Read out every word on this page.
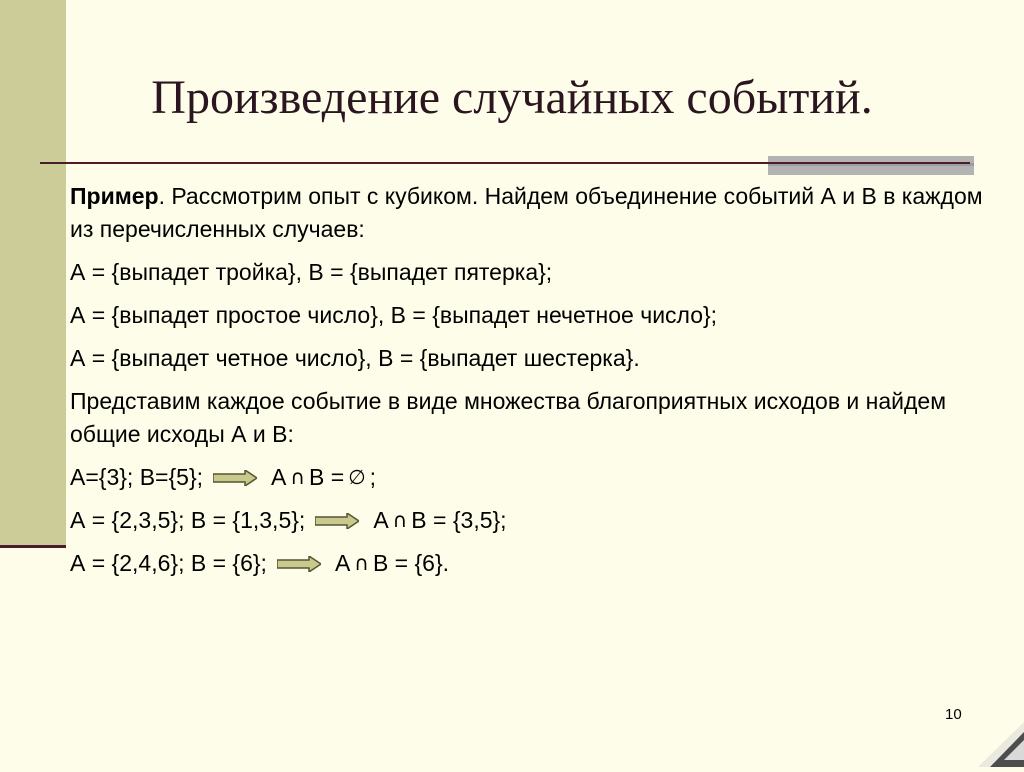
Произведение случайных событий.

Пример. Рассмотрим опыт с кубиком. Найдем объединение событий А и В в каждом из перечисленных случаев:

А = {выпадет тройка}, В = {выпадет пятерка};

А = {выпадет простое число}, В = {выпадет нечетное число};

А = {выпадет четное число}, В = {выпадет шестерка}.

Представим каждое событие в виде множества благоприятных исходов и найдем общие исходы А и В:

А={3}; В={5};	А ∩ В = ∅ ;
А = {2,3,5}; В = {1,3,5};	А ∩ В = {3,5};
А = {2,4,6}; В = {6};	А ∩ В = {6}.
10
